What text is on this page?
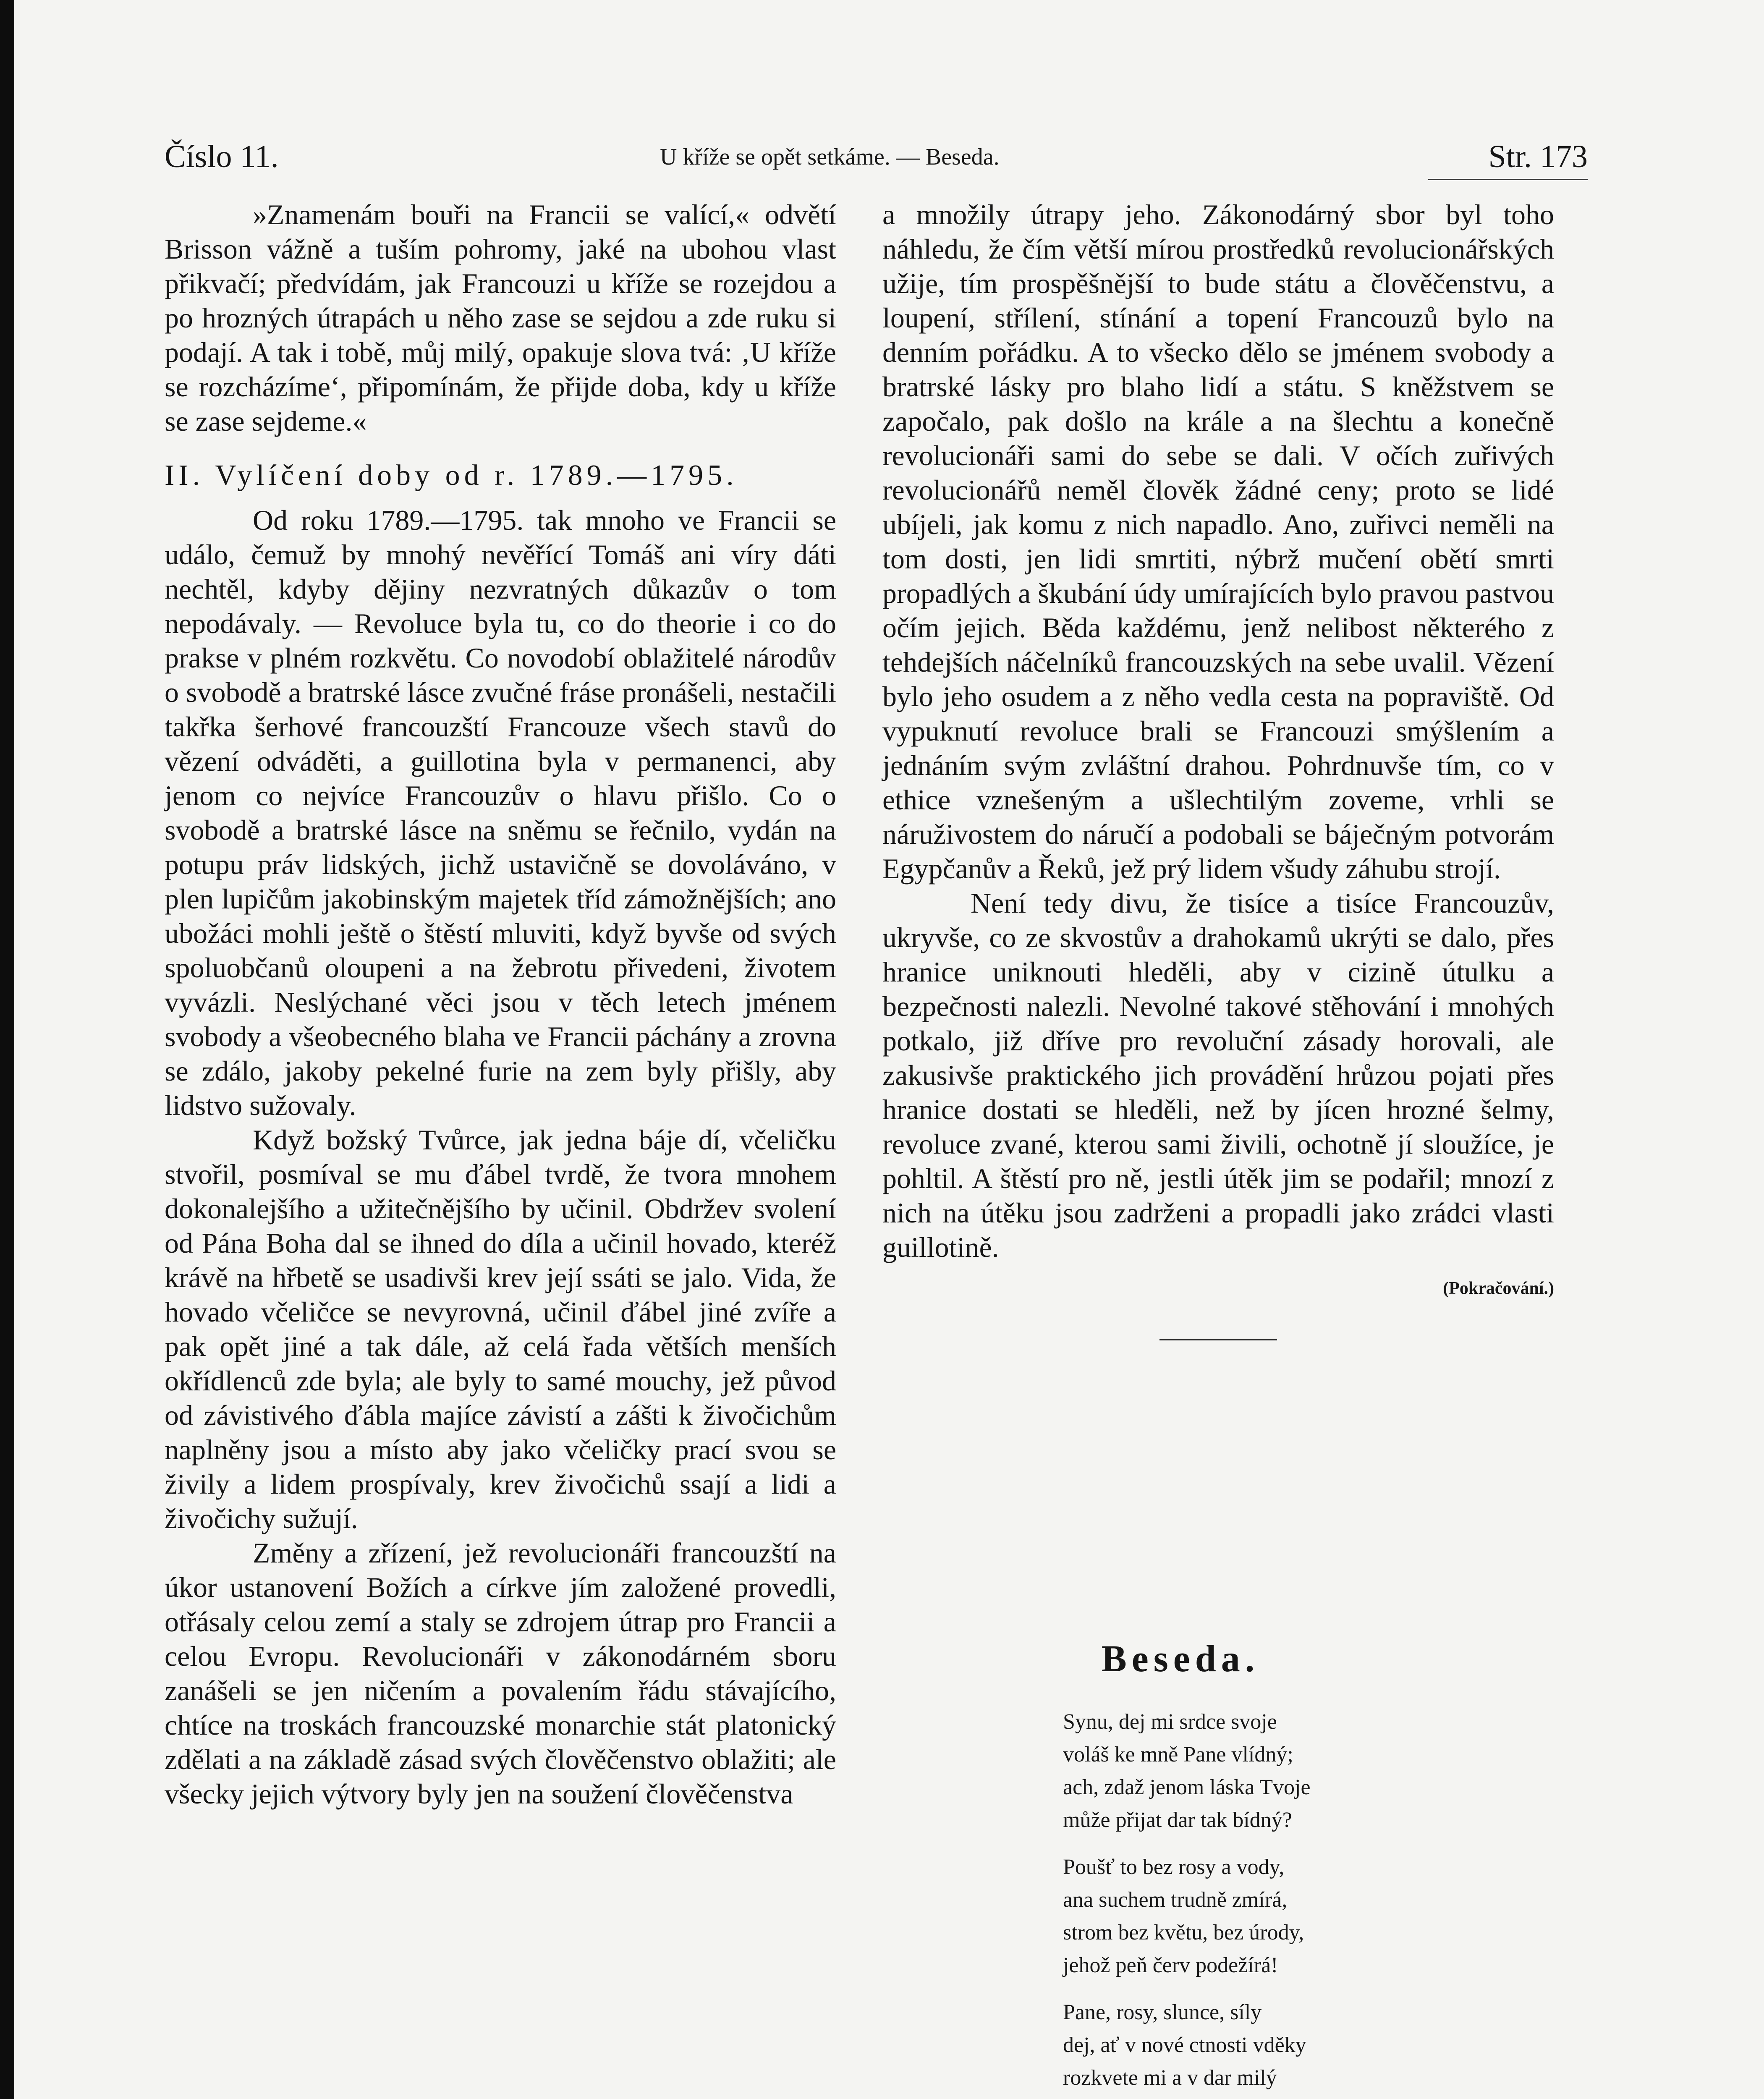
Číslo 11.	U kříže se opět setkáme. — Beseda.	Str. 173

»Znamenám bouři na Francii se valící,« odvětí Brisson vážně a tuším pohromy, jaké na ubohou vlast přikvačí; předvídám, jak Francouzi u kříže se rozejdou a po hrozných útrapách u něho zase se sejdou a zde ruku si podají. A tak i tobě, můj milý, opakuje slova tvá: ‚U kříže se rozcházíme‘, připomínám, že přijde doba, kdy u kříže se zase sejdeme.«

II. Vylíčení doby od r. 1789.—1795.

Od roku 1789.—1795. tak mnoho ve Francii se událo, čemuž by mnohý nevěřící Tomáš ani víry dáti nechtěl, kdyby dějiny nezvratných důkazův o tom nepodávaly. — Revoluce byla tu, co do theorie i co do prakse v plném rozkvětu. Co novodobí oblažitelé národův o svobodě a bratrské lásce zvučné fráse pronášeli, nestačili takřka šerhové francouzští Francouze všech stavů do vězení odváděti, a guillotina byla v permanenci, aby jenom co nejvíce Francouzův o hlavu přišlo. Co o svobodě a bratrské lásce na sněmu se řečnilo, vydán na potupu práv lidských, jichž ustavičně se dovoláváno, v plen lupičům jakobinským majetek tříd zámožnějších; ano ubožáci mohli ještě o štěstí mluviti, když byvše od svých spoluobčanů oloupeni a na žebrotu přivedeni, životem vyvázli. Neslýchané věci jsou v těch letech jménem svobody a všeobecného blaha ve Francii páchány a zrovna se zdálo, jakoby pekelné furie na zem byly přišly, aby lidstvo sužovaly.

Když božský Tvůrce, jak jedna báje dí, včeličku stvořil, posmíval se mu ďábel tvrdě, že tvora mnohem dokonalejšího a užitečnějšího by učinil. Obdržev svolení od Pána Boha dal se ihned do díla a učinil hovado, kteréž krávě na hřbetě se usadivši krev její ssáti se jalo. Vida, že hovado včeličce se nevyrovná, učinil ďábel jiné zvíře a pak opět jiné a tak dále, až celá řada větších menších okřídlenců zde byla; ale byly to samé mouchy, jež původ od závistivého ďábla majíce závistí a zášti k živočichům naplněny jsou a místo aby jako včeličky prací svou se živily a lidem prospívaly, krev živočichů ssají a lidi a živočichy sužují.

Změny a zřízení, jež revolucionáři francouzští na úkor ustanovení Božích a církve jím založené provedli, otřásaly celou zemí a staly se zdrojem útrap pro Francii a celou Evropu. Revolucionáři v zákonodárném sboru zanášeli se jen ničením a povalením řádu stávajícího, chtíce na troskách francouzské monarchie stát platonický zdělati a na základě zásad svých člověčenstvo oblažiti; ale všecky jejich výtvory byly jen na soužení člověčenstva

a množily útrapy jeho. Zákonodárný sbor byl toho náhledu, že čím větší mírou prostředků revolucionářských užije, tím prospěšnější to bude státu a člověčenstvu, a loupení, střílení, stínání a topení Francouzů bylo na denním pořádku. A to všecko dělo se jménem svobody a bratrské lásky pro blaho lidí a státu. S kněžstvem se započalo, pak došlo na krále a na šlechtu a konečně revolucionáři sami do sebe se dali. V očích zuřivých revolucionářů neměl člověk žádné ceny; proto se lidé ubíjeli, jak komu z nich napadlo. Ano, zuřivci neměli na tom dosti, jen lidi smrtiti, nýbrž mučení obětí smrti propadlých a škubání údy umírajících bylo pravou pastvou očím jejich. Běda každému, jenž nelibost některého z tehdejších náčelníků francouzských na sebe uvalil. Vězení bylo jeho osudem a z něho vedla cesta na popraviště. Od vypuknutí revoluce brali se Francouzi smýšlením a jednáním svým zvláštní drahou. Pohrdnuvše tím, co v ethice vznešeným a ušlechtilým zoveme, vrhli se náruživostem do náručí a podobali se báječným potvorám Egypčanův a Řeků, jež prý lidem všudy záhubu strojí.

Není tedy divu, že tisíce a tisíce Francouzův, ukryvše, co ze skvostův a drahokamů ukrýti se dalo, přes hranice uniknouti hleděli, aby v cizině útulku a bezpečnosti nalezli. Nevolné takové stěhování i mnohých potkalo, již dříve pro revoluční zásady horovali, ale zakusivše praktického jich provádění hrůzou pojati přes hranice dostati se hleděli, než by jícen hrozné šelmy, revoluce zvané, kterou sami živili, ochotně jí sloužíce, je pohltil. A štěstí pro ně, jestli útěk jim se podařil; mnozí z nich na útěku jsou zadrženi a propadli jako zrádci vlasti guillotině.

(Pokračování.)
Beseda.
Synu, dej mi srdce svoje
voláš ke mně Pane vlídný;
ach, zdaž jenom láska Tvoje
může přijat dar tak bídný?
Poušť to bez rosy a vody,
ana suchem trudně zmírá,
strom bez květu, bez úrody,
jehož peň červ podežírá!
Pane, rosy, slunce, síly
dej, ať v nové ctnosti vděky
rozkvete mi a v dar milý
